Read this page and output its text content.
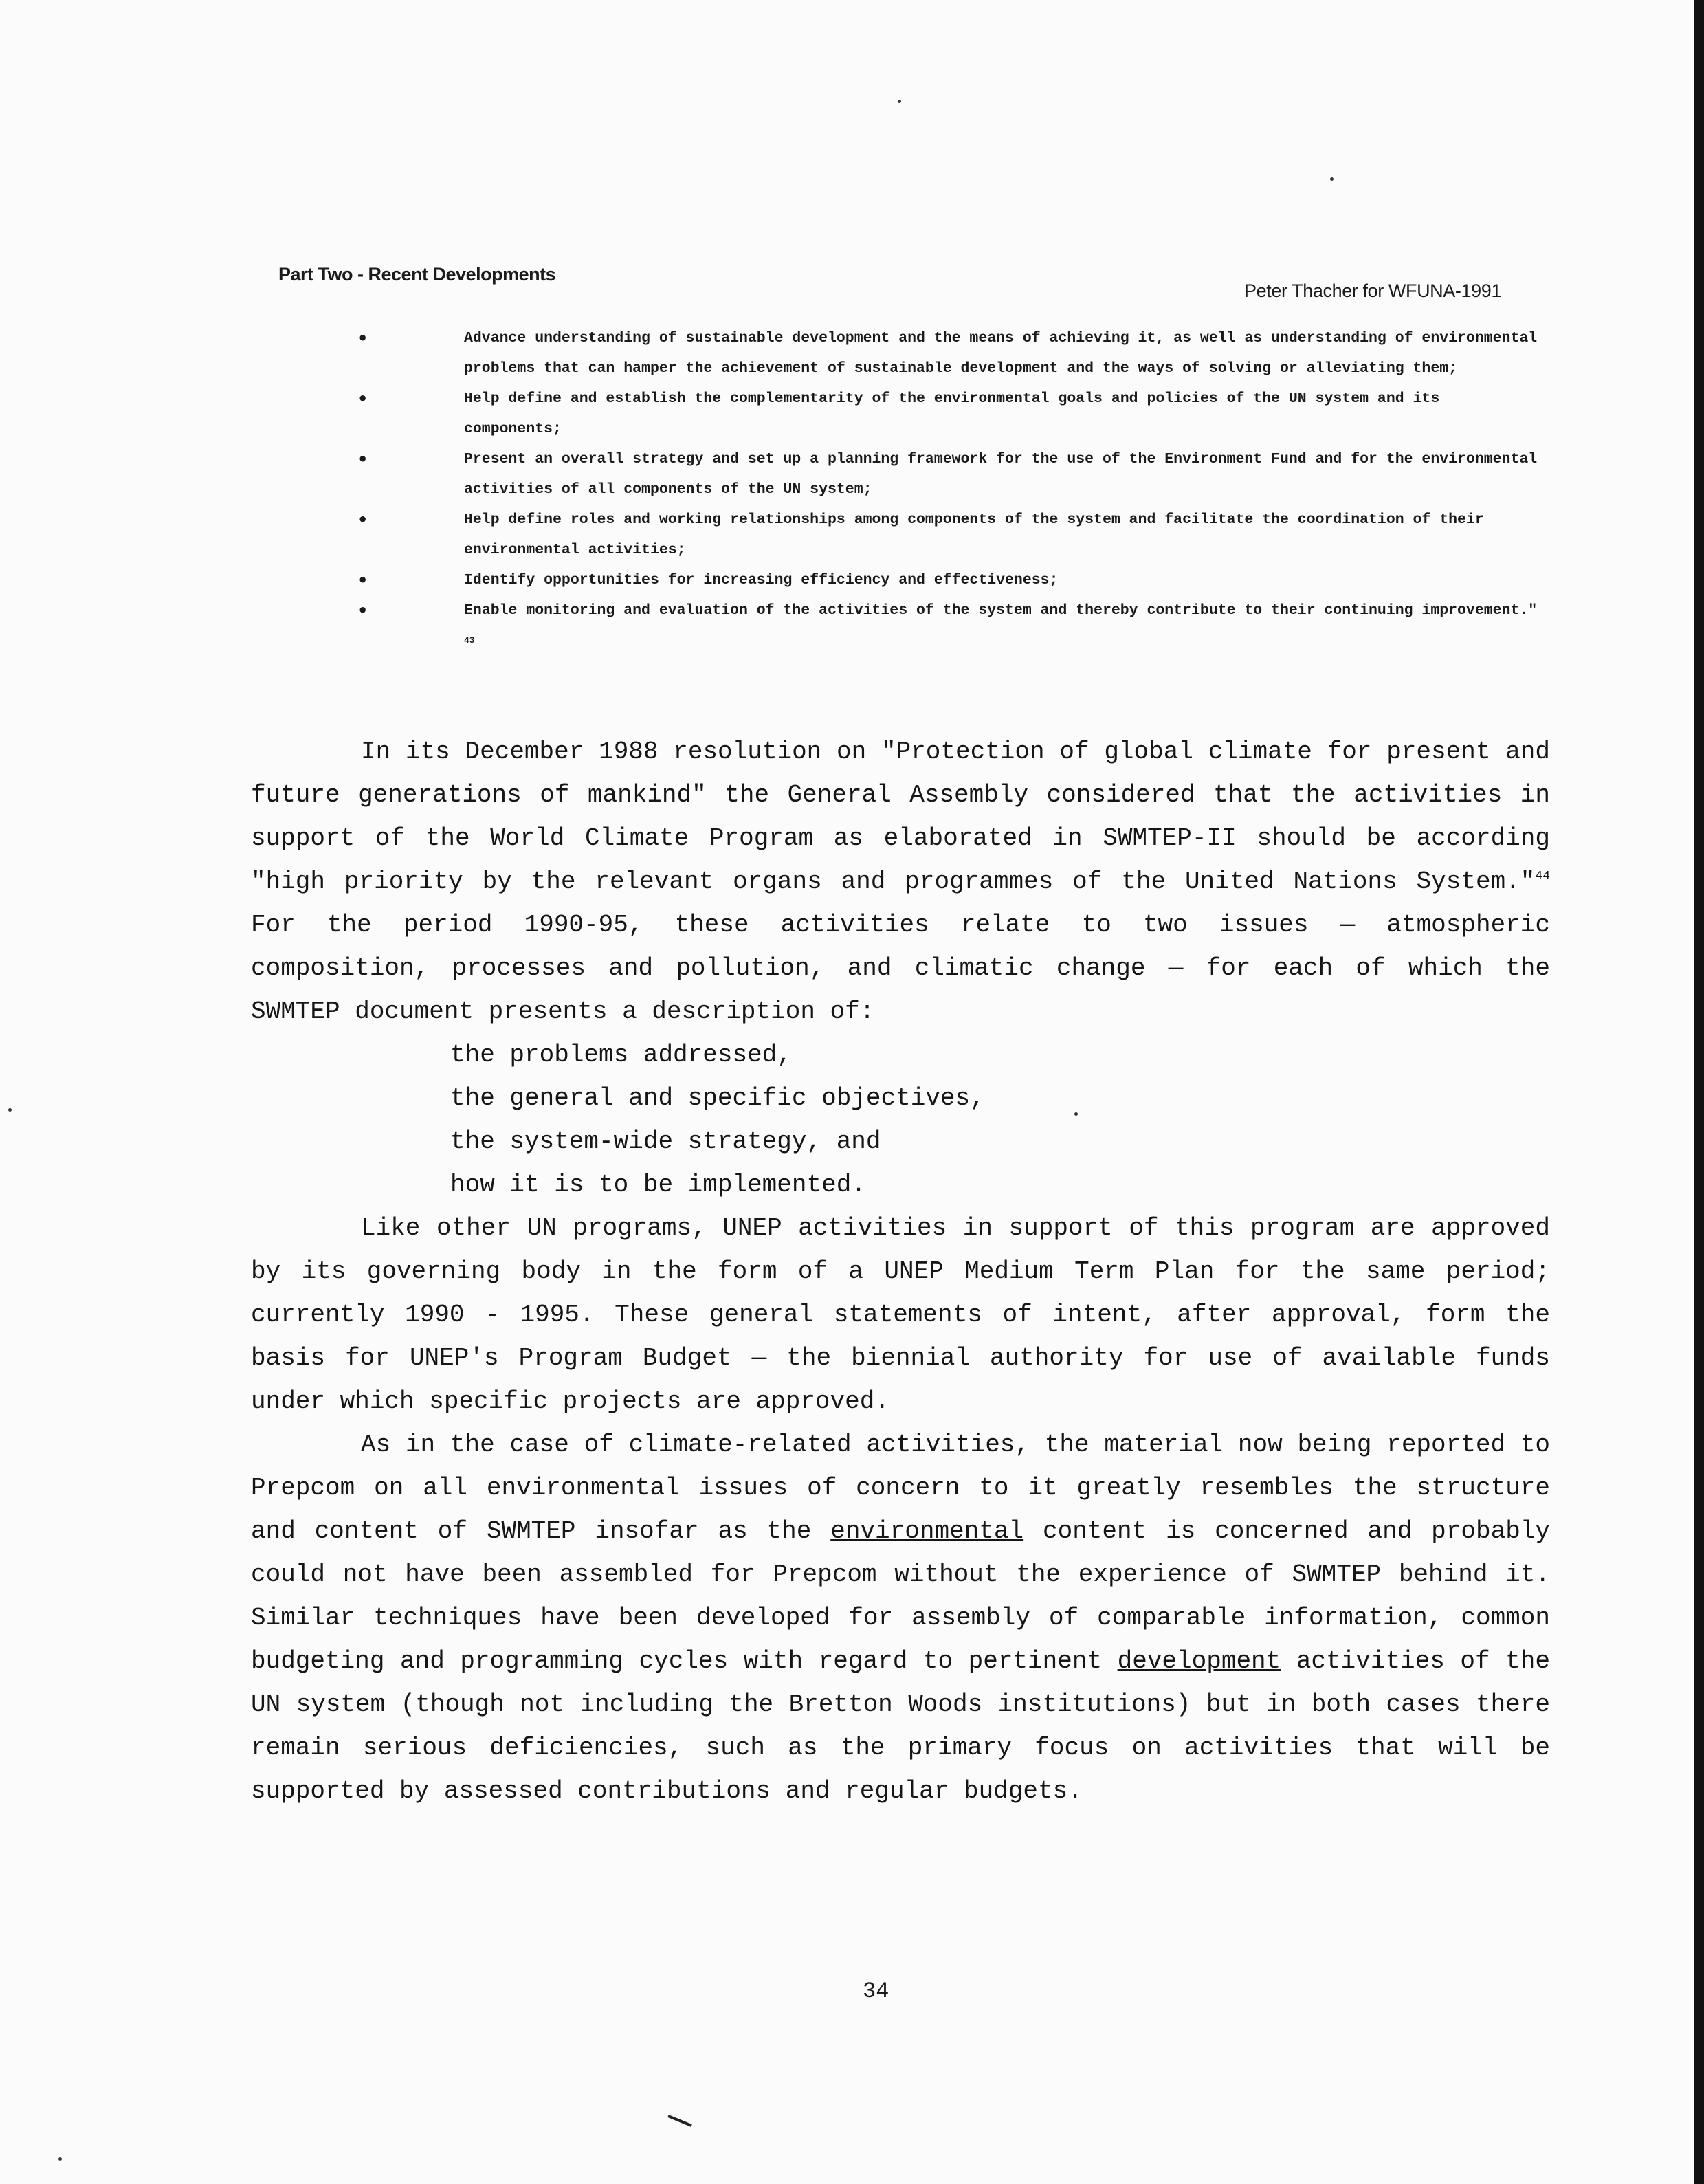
Part Two - Recent Developments
Peter Thacher for WFUNA-1991
•	Advance understanding of sustainable development and the means of achieving it, as well as understanding of environmental problems that can hamper the achievement of sustainable development and the ways of solving or alleviating them;
•	Help define and establish the complementarity of the environmental goals and policies of the UN system and its components;
•	Present an overall strategy and set up a planning framework for the use of the Environment Fund and for the environmental activities of all components of the UN system;
•	Help define roles and working relationships among components of the system and facilitate the coordination of their environmental activities;
•	Identify opportunities for increasing efficiency and effectiveness;
•	Enable monitoring and evaluation of the activities of the system and thereby contribute to their continuing improvement." $^{43}$

In its December 1988 resolution on "Protection of global climate for present and future generations of mankind" the General Assembly considered that the activities in support of the World Climate Program as elaborated in SWMTEP-II should be according "high priority by the relevant organs and programmes of the United Nations System."$^{44}$ For the period 1990-95, these activities relate to two issues — atmospheric composition, processes and pollution, and climatic change — for each of which the SWMTEP document presents a description of:

the problems addressed,
the general and specific objectives,
the system-wide strategy, and
how it is to be implemented.

Like other UN programs, UNEP activities in support of this program are approved by its governing body in the form of a UNEP Medium Term Plan for the same period; currently 1990 - 1995. These general statements of intent, after approval, form the basis for UNEP's Program Budget — the biennial authority for use of available funds under which specific projects are approved.

As in the case of climate-related activities, the material now being reported to Prepcom on all environmental issues of concern to it greatly resembles the structure and content of SWMTEP insofar as the environmental content is concerned and probably could not have been assembled for Prepcom without the experience of SWMTEP behind it. Similar techniques have been developed for assembly of comparable information, common budgeting and programming cycles with regard to pertinent development activities of the UN system (though not including the Bretton Woods institutions) but in both cases there remain serious deficiencies, such as the primary focus on activities that will be supported by assessed contributions and regular budgets.

34
